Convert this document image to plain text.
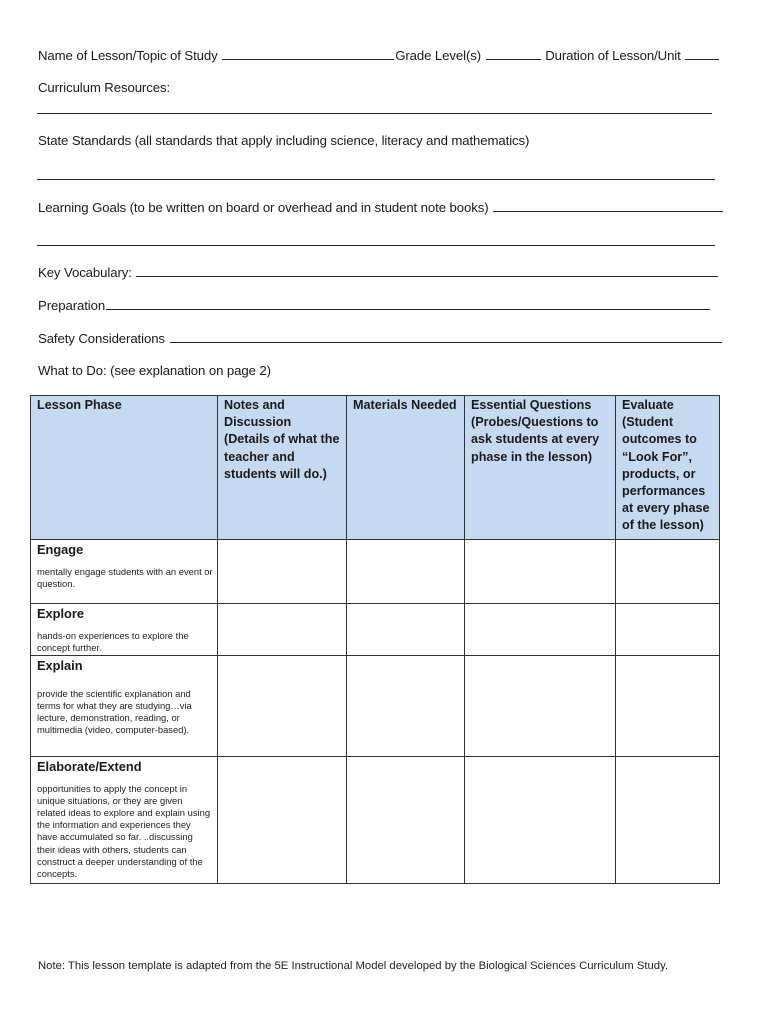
Name of Lesson/Topic of Study	Grade Level(s)	Duration of Lesson/Unit
Curriculum Resources:
State Standards (all standards that apply including science, literacy and mathematics)
Learning Goals (to be written on board or overhead and in student note books)
Key Vocabulary:
Preparation
Safety Considerations
What to Do: (see explanation on page 2)
Lesson Phase	Notes and Discussion (Details of what the teacher and students will do.)	Materials Needed	Essential Questions (Probes/Questions to ask students at every phase in the lesson)	Evaluate (Student outcomes to “Look For”, products, or performances at every phase of the lesson)

Engage
mentally engage students with an event or question.				

Explore
hands-on experiences to explore the concept further.				

Explain
provide the scientific explanation and terms for what they are studying…via lecture, demonstration, reading, or multimedia (video, computer-based).				

Elaborate/Extend
opportunities to apply the concept in unique situations, or they are given related ideas to explore and explain using the information and experiences they have accumulated so far. ..discussing their ideas with others, students can construct a deeper understanding of the concepts.				

Note: This lesson template is adapted from the 5E Instructional Model developed by the Biological Sciences Curriculum Study.
